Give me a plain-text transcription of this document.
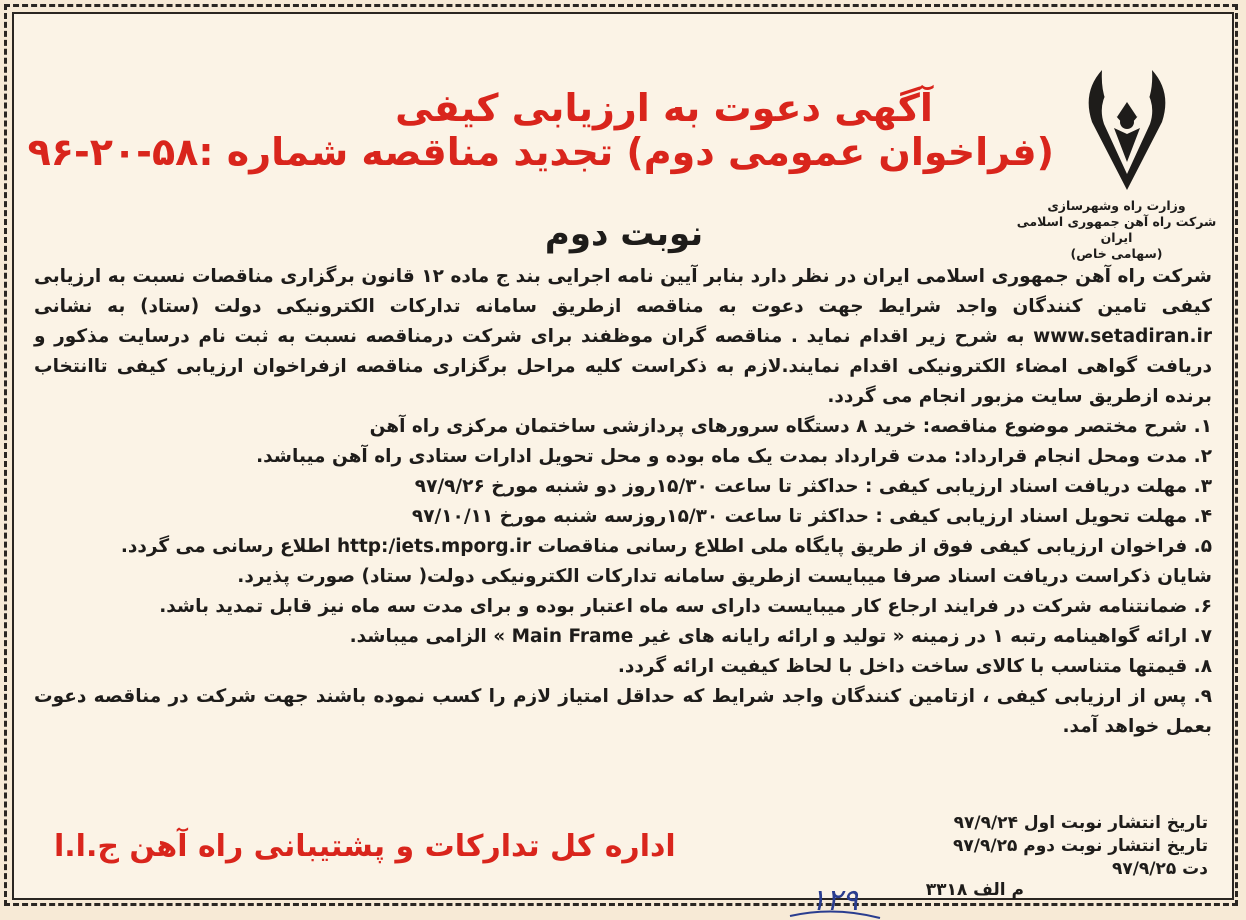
وزارت راه وشهرسازی
شرکت راه آهن جمهوری اسلامی ایران
(سهامی خاص)
آگهی دعوت به ارزیابی کیفی
(فراخوان عمومی دوم) تجدید مناقصه شماره :۵۸-۲۰-۹۶
نوبت دوم

شرکت راه آهن جمهوری اسلامی ایران در نظر دارد بنابر آیین نامه اجرایی بند ج ماده ۱۲ قانون برگزاری مناقصات نسبت به ارزیابی کیفی تامین کنندگان واجد شرایط جهت دعوت به مناقصه ازطریق سامانه تدارکات الکترونیکی دولت (ستاد) به نشانی www.setadiran.ir به شرح زیر اقدام نماید . مناقصه گران موظفند برای شرکت درمناقصه نسبت به ثبت نام درسایت مذکور و دریافت گواهی امضاء الکترونیکی اقدام نمایند.لازم به ذکراست کلیه مراحل برگزاری مناقصه ازفراخوان ارزیابی کیفی تاانتخاب برنده ازطریق سایت مزبور انجام می گردد.

۱. شرح مختصر موضوع مناقصه: خرید ۸ دستگاه سرورهای پردازشی ساختمان مرکزی راه آهن

۲. مدت ومحل انجام قرارداد: مدت قرارداد بمدت یک ماه بوده و محل تحویل ادارات ستادی راه آهن میباشد.

۳. مهلت دریافت اسناد ارزیابی کیفی : حداکثر تا ساعت ۱۵/۳۰روز دو شنبه مورخ ۹۷/۹/۲۶

۴. مهلت تحویل اسناد ارزیابی کیفی : حداکثر تا ساعت ۱۵/۳۰روزسه شنبه مورخ ۹۷/۱۰/۱۱

۵. فراخوان ارزیابی کیفی فوق از طریق پایگاه ملی اطلاع رسانی مناقصات http:/iets.mporg.ir اطلاع رسانی می گردد.

شایان ذکراست دریافت اسناد صرفا میبایست ازطریق سامانه تدارکات الکترونیکی دولت( ستاد) صورت پذیرد.

۶. ضمانتنامه شرکت در فرایند ارجاع کار میبایست دارای سه ماه اعتبار بوده و برای مدت سه ماه نیز قابل تمدید باشد.

۷. ارائه گواهینامه رتبه ۱ در زمینه « تولید و ارائه رایانه های غیر Main Frame » الزامی میباشد.

۸. قیمتها متناسب با کالای ساخت داخل با لحاظ کیفیت ارائه گردد.

۹. پس از ارزیابی کیفی ، ازتامین کنندگان واجد شرایط که حداقل امتیاز لازم را کسب نموده باشند جهت شرکت در مناقصه دعوت بعمل خواهد آمد.

اداره کل تدارکات و پشتیبانی راه آهن ج.ا.ا
تاریخ انتشار نوبت اول ۹۷/۹/۲۴
تاریخ انتشار نوبت دوم ۹۷/۹/۲۵
دت ۹۷/۹/۲۵
م الف ۳۳۱۸
۱۲۹
